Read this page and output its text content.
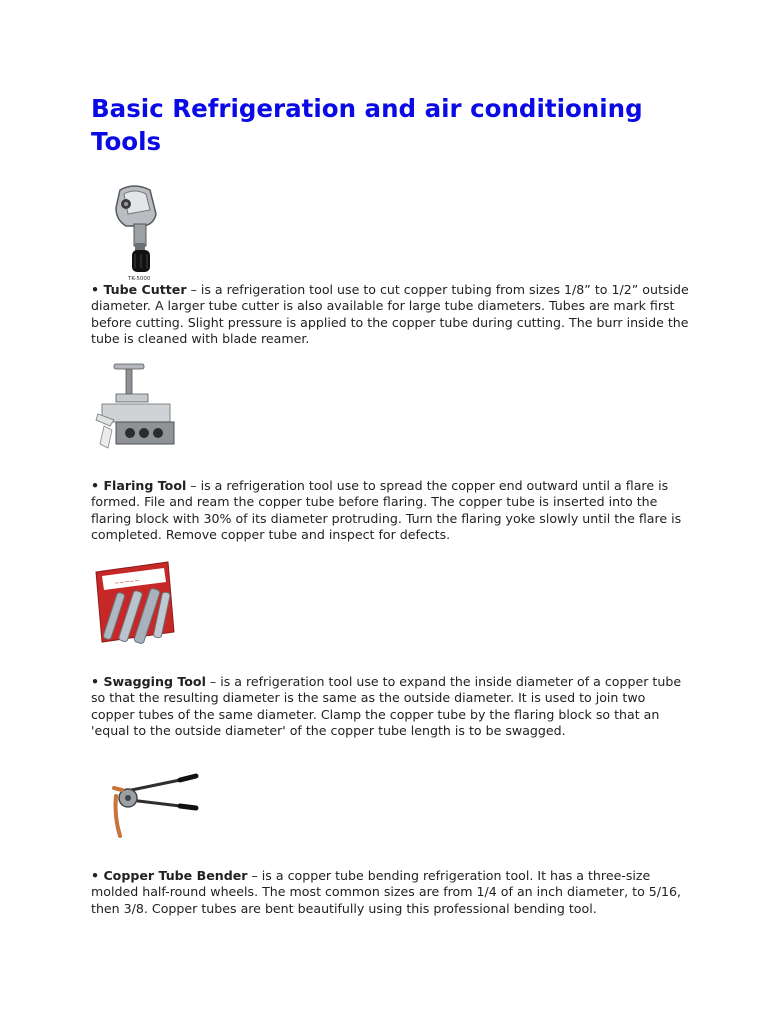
Basic Refrigeration and air conditioning Tools
TK-5000

• Tube Cutter – is a refrigeration tool use to cut copper tubing from sizes 1/8” to 1/2” outside diameter. A larger tube cutter is also available for large tube diameters. Tubes are mark first before cutting. Slight pressure is applied to the copper tube during cutting. The burr inside the tube is cleaned with blade reamer.

• Flaring Tool – is a refrigeration tool use to spread the copper end outward until a flare is formed. File and ream the copper tube before flaring. The copper tube is inserted into the flaring block with 30% of its diameter protruding. Turn the flaring yoke slowly until the flare is completed. Remove copper tube and inspect for defects.

~~~~~

• Swagging Tool – is a refrigeration tool use to expand the inside diameter of a copper tube so that the resulting diameter is the same as the outside diameter. It is used to join two copper tubes of the same diameter. Clamp the copper tube by the flaring block so that an 'equal to the outside diameter' of the copper tube length is to be swagged.

• Copper Tube Bender – is a copper tube bending refrigeration tool. It has a three-size molded half-round wheels. The most common sizes are from 1/4 of an inch diameter, to 5/16, then 3/8. Copper tubes are bent beautifully using this professional bending tool.
